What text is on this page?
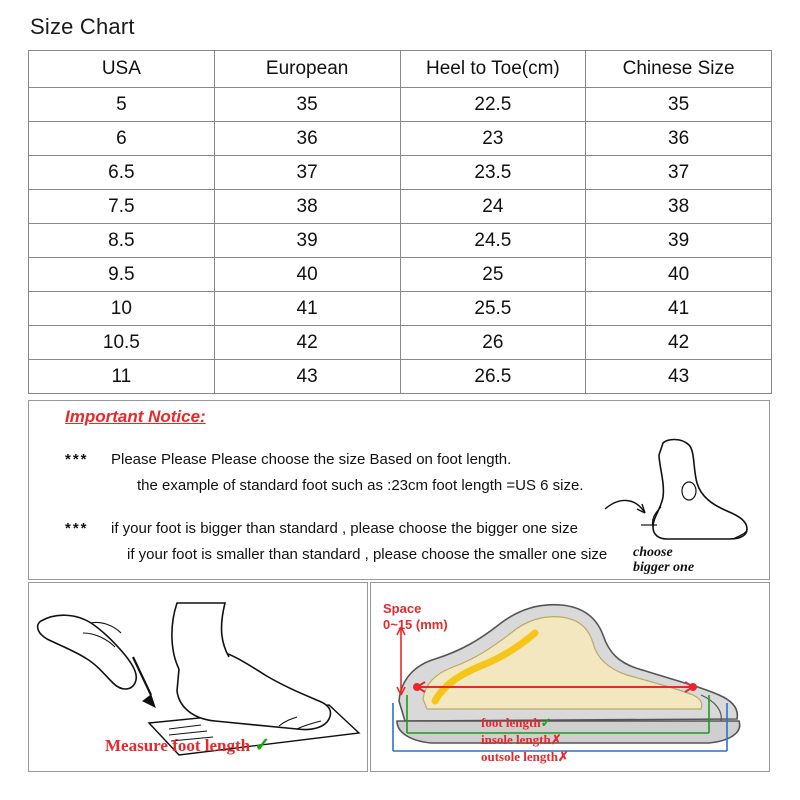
Size Chart
USA	European	Heel to Toe(cm)	Chinese Size
5	35	22.5	35
6	36	23	36
6.5	37	23.5	37
7.5	38	24	38
8.5	39	24.5	39
9.5	40	25	40
10	41	25.5	41
10.5	42	26	42
11	43	26.5	43
Important Notice:
*** Please Please Please choose the size Based on foot length.
the example of standard foot such as :23cm foot length =US 6 size.
*** if your foot is bigger than standard , please choose the bigger one size
if your foot is smaller than standard , please choose the smaller one size choose
bigger one
Measure foot length ✓
Space
0~15 (mm)
foot length✓
insole length✗
outsole length✗
